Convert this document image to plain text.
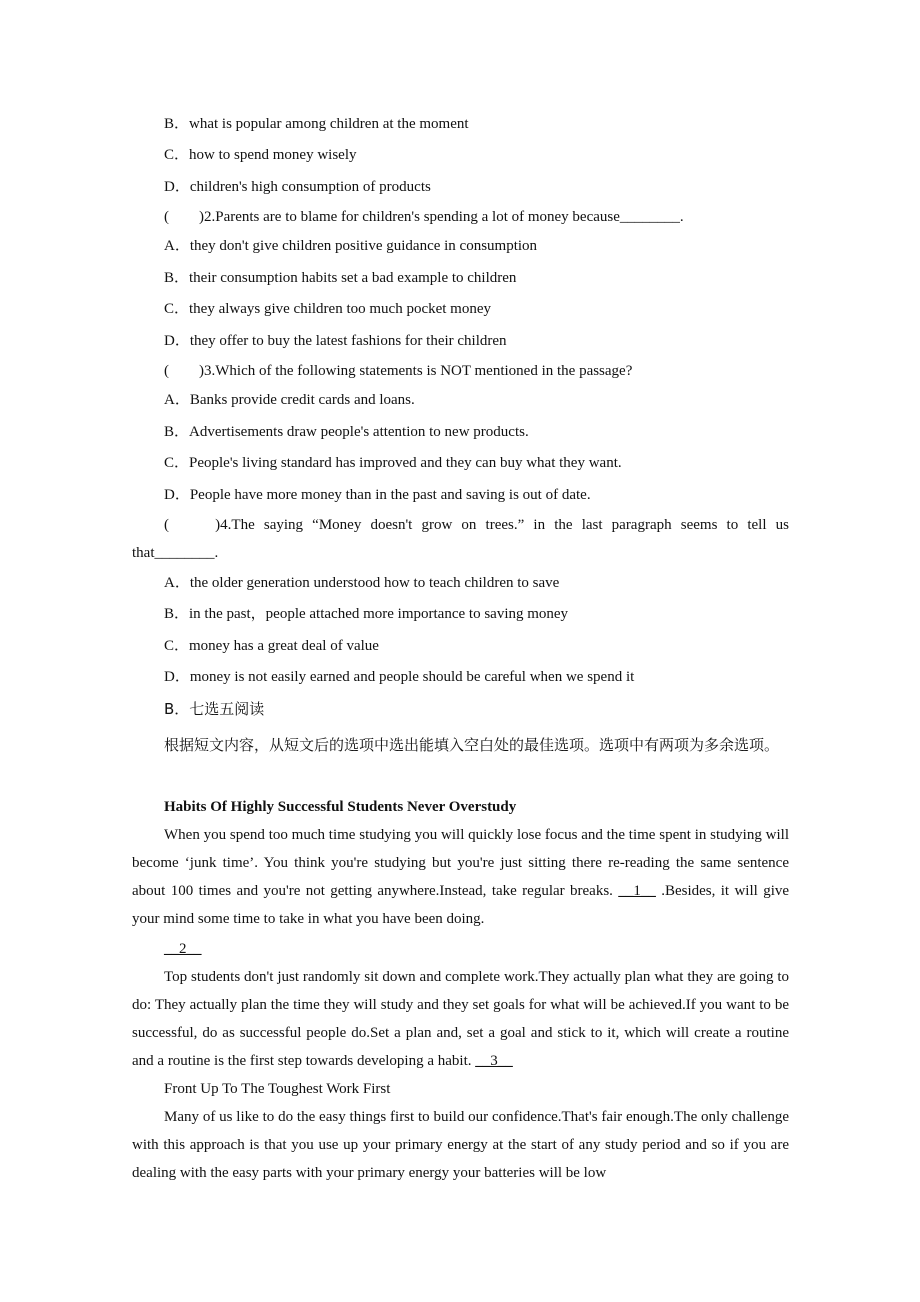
B．what is popular among children at the moment
C．how to spend money wisely
D．children's high consumption of products
(　　)2.Parents are to blame for children's spending a lot of money because________.
A．they don't give children positive guidance in consumption
B．their consumption habits set a bad example to children
C．they always give children too much pocket money
D．they offer to buy the latest fashions for their children
(　　)3.Which of the following statements is NOT mentioned in the passage?
A．Banks provide credit cards and loans.
B．Advertisements draw people's attention to new products.
C．People's living standard has improved and they can buy what they want.
D．People have more money than in the past and saving is out of date.
(　　)4.The saying “Money doesn't grow on trees.” in the last paragraph seems to tell us
that________.
A．the older generation understood how to teach children to save
B．in the past，people attached more importance to saving money
C．money has a great deal of value
D．money is not easily earned and people should be careful when we spend it
B．七选五阅读
根据短文内容，从短文后的选项中选出能填入空白处的最佳选项。选项中有两项为多余选项。
Habits Of Highly Successful Students Never Overstudy
When you spend too much time studying you will quickly lose focus and the time spent in studying will become ‘junk time’. You think you're studying but you're just sitting there re-reading the same sentence about 100 times and you're not getting anywhere.Instead, take regular breaks. __1__ .Besides, it will give your mind some time to take in what you have been doing.
__2__
Top students don't just randomly sit down and complete work.They actually plan what they are going to do: They actually plan the time they will study and they set goals for what will be achieved.If you want to be successful, do as successful people do.Set a plan and, set a goal and stick to it, which will create a routine and a routine is the first step towards developing a habit. __3__
Front Up To The Toughest Work First
Many of us like to do the easy things first to build our confidence.That's fair enough.The only challenge with this approach is that you use up your primary energy at the start of any study period and so if you are dealing with the easy parts with your primary energy your batteries will be low
